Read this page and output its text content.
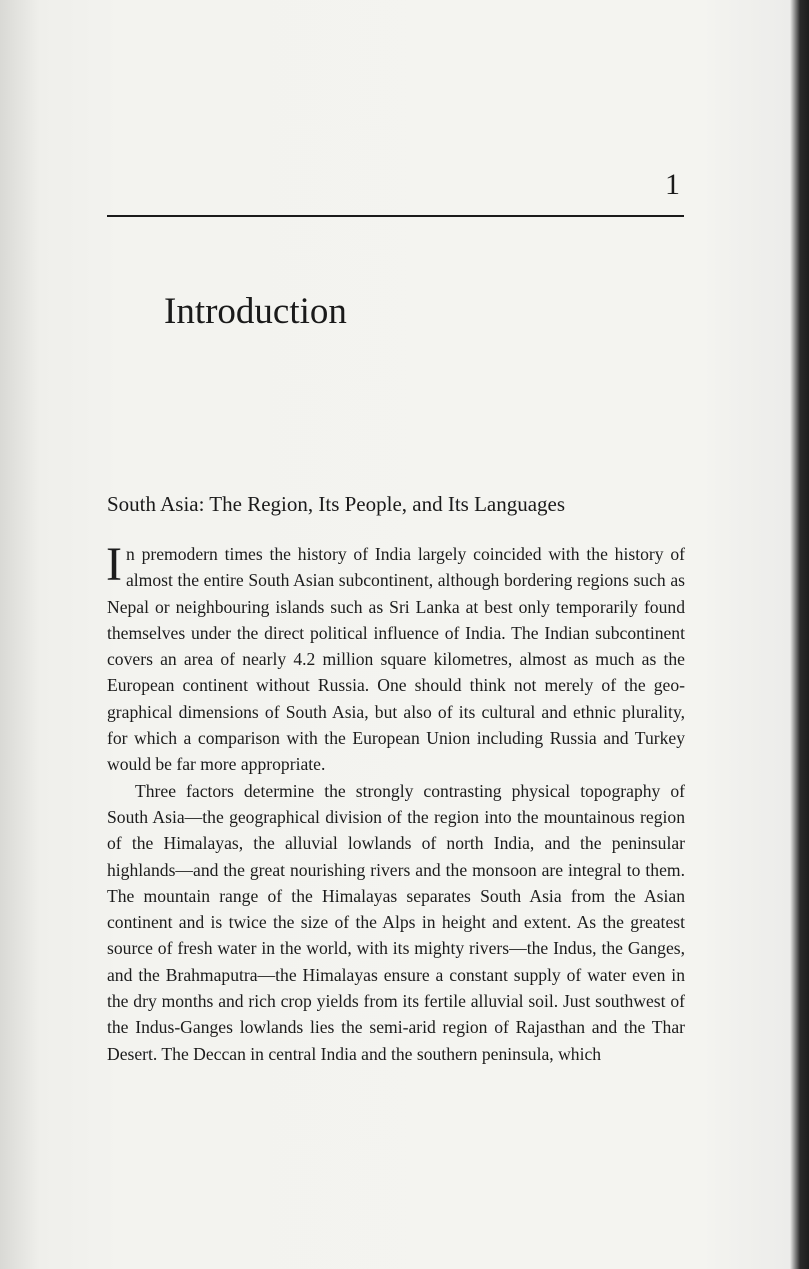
1
Introduction
South Asia: The Region, Its People, and Its Languages

In premodern times the history of India largely coincided with the history of almost the entire South Asian subcontinent, although bordering regions such as Nepal or neighbouring islands such as Sri Lanka at best only temporarily found themselves under the direct political influence of India. The Indian subcontinent covers an area of nearly 4.2 million square kilometres, almost as much as the European continent without Russia. One should think not merely of the geographical dimensions of South Asia, but also of its cultural and ethnic plurality, for which a comparison with the European Union including Russia and Turkey would be far more appropriate.

Three factors determine the strongly contrasting physical topography of South Asia—the geographical division of the region into the mountainous region of the Himalayas, the alluvial lowlands of north India, and the peninsular highlands—and the great nourishing rivers and the monsoon are integral to them. The mountain range of the Himalayas separates South Asia from the Asian continent and is twice the size of the Alps in height and extent. As the greatest source of fresh water in the world, with its mighty rivers—the Indus, the Ganges, and the Brahmaputra—the Himalayas ensure a constant supply of water even in the dry months and rich crop yields from its fertile alluvial soil. Just southwest of the Indus-Ganges lowlands lies the semi-arid region of Rajasthan and the Thar Desert. The Deccan in central India and the southern peninsula, which
